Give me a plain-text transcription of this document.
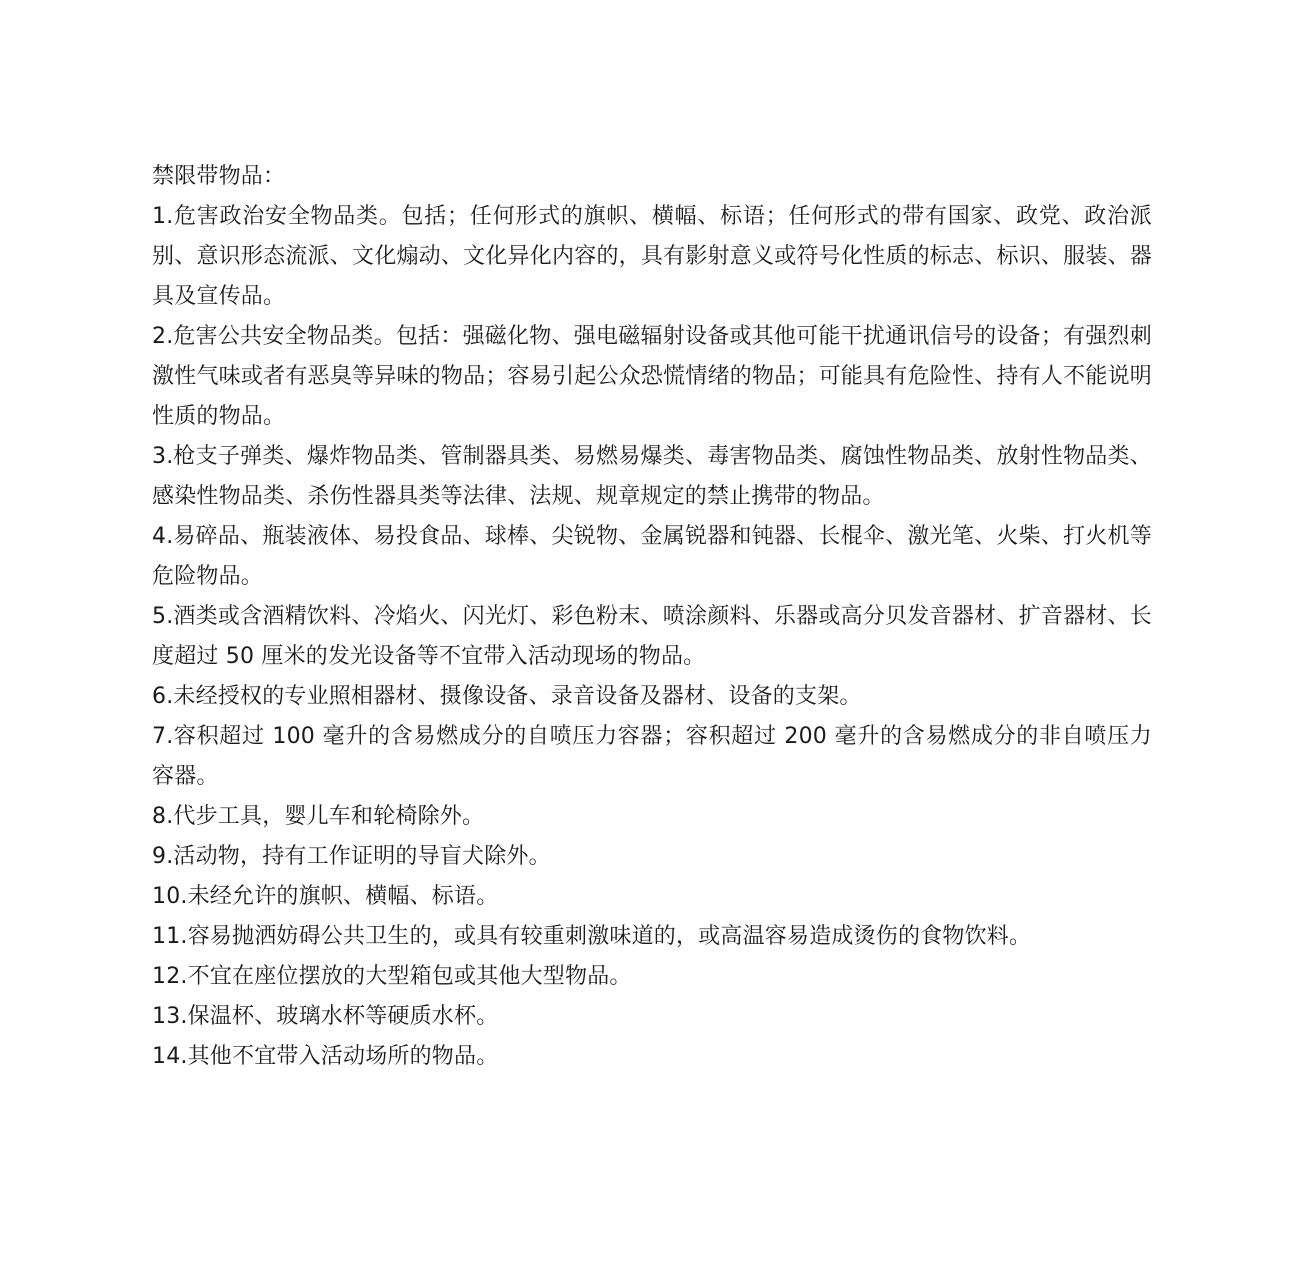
禁限带物品：
1.危害政治安全物品类。包括；任何形式的旗帜、横幅、标语；任何形式的带有国家、政党、政治派别、意识形态流派、文化煽动、文化异化内容的，具有影射意义或符号化性质的标志、标识、服装、器具及宣传品。
2.危害公共安全物品类。包括：强磁化物、强电磁辐射设备或其他可能干扰通讯信号的设备；有强烈刺激性气味或者有恶臭等异味的物品；容易引起公众恐慌情绪的物品；可能具有危险性、持有人不能说明性质的物品。
3.枪支子弹类、爆炸物品类、管制器具类、易燃易爆类、毒害物品类、腐蚀性物品类、放射性物品类、感染性物品类、杀伤性器具类等法律、法规、规章规定的禁止携带的物品。
4.易碎品、瓶装液体、易投食品、球棒、尖锐物、金属锐器和钝器、长棍伞、激光笔、火柴、打火机等危险物品。
5.酒类或含酒精饮料、冷焰火、闪光灯、彩色粉末、喷涂颜料、乐器或高分贝发音器材、扩音器材、长度超过 50 厘米的发光设备等不宜带入活动现场的物品。
6.未经授权的专业照相器材、摄像设备、录音设备及器材、设备的支架。
7.容积超过 100 毫升的含易燃成分的自喷压力容器；容积超过 200 毫升的含易燃成分的非自喷压力容器。
8.代步工具，婴儿车和轮椅除外。
9.活动物，持有工作证明的导盲犬除外。
10.未经允许的旗帜、横幅、标语。
11.容易抛洒妨碍公共卫生的，或具有较重刺激味道的，或高温容易造成烫伤的食物饮料。
12.不宜在座位摆放的大型箱包或其他大型物品。
13.保温杯、玻璃水杯等硬质水杯。
14.其他不宜带入活动场所的物品。
